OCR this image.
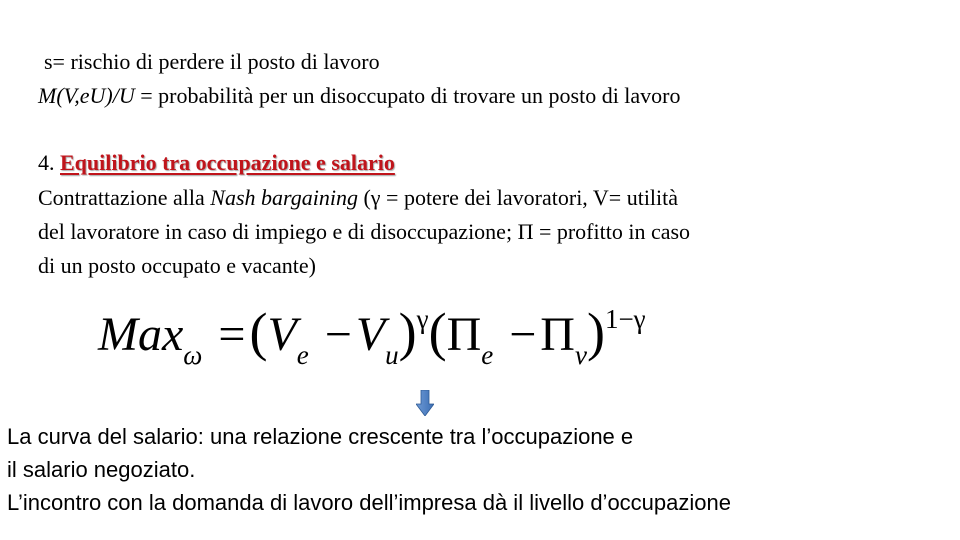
s= rischio di perdere il posto di lavoro
M(V,eU)/U = probabilità per un disoccupato di trovare un posto di lavoro
4. Equilibrio tra occupazione e salario
Contrattazione alla Nash bargaining (γ = potere dei lavoratori, V= utilità
del lavoratore in caso di impiego e di disoccupazione; Π = profitto in caso
di un posto occupato e vacante)
$Max_\omega =(V_e -V_u)^\gamma(\Pi_e -\Pi_v)^{1-\gamma}$
La curva del salario: una relazione crescente tra l’occupazione e
il salario negoziato.
L’incontro con la domanda di lavoro dell’impresa dà il livello d’occupazione
